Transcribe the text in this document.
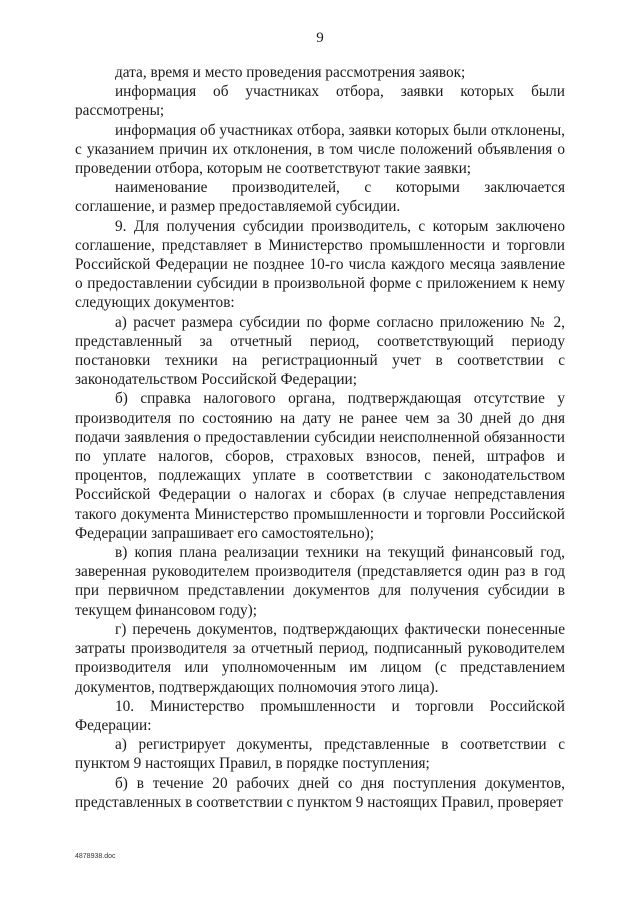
9

дата, время и место проведения рассмотрения заявок;

информация об участниках отбора, заявки которых были рассмотрены;

информация об участниках отбора, заявки которых были отклонены, с указанием причин их отклонения, в том числе положений объявления о проведении отбора, которым не соответствуют такие заявки;

наименование производителей, с которыми заключается соглашение, и размер предоставляемой субсидии.

9. Для получения субсидии производитель, с которым заключено соглашение, представляет в Министерство промышленности и торговли Российской Федерации не позднее 10-го числа каждого месяца заявление о предоставлении субсидии в произвольной форме с приложением к нему следующих документов:

а) расчет размера субсидии по форме согласно приложению № 2, представленный за отчетный период, соответствующий периоду постановки техники на регистрационный учет в соответствии с законодательством Российской Федерации;

б) справка налогового органа, подтверждающая отсутствие у производителя по состоянию на дату не ранее чем за 30 дней до дня подачи заявления о предоставлении субсидии неисполненной обязанности по уплате налогов, сборов, страховых взносов, пеней, штрафов и процентов, подлежащих уплате в соответствии с законодательством Российской Федерации о налогах и сборах (в случае непредставления такого документа Министерство промышленности и торговли Российской Федерации запрашивает его самостоятельно);

в) копия плана реализации техники на текущий финансовый год, заверенная руководителем производителя (представляется один раз в год при первичном представлении документов для получения субсидии в текущем финансовом году);

г) перечень документов, подтверждающих фактически понесенные затраты производителя за отчетный период, подписанный руководителем производителя или уполномоченным им лицом (с представлением документов, подтверждающих полномочия этого лица).

10. Министерство промышленности и торговли Российской Федерации:

а) регистрирует документы, представленные в соответствии с пунктом 9 настоящих Правил, в порядке поступления;

б) в течение 20 рабочих дней со дня поступления документов, представленных в соответствии с пунктом 9 настоящих Правил, проверяет

4878938.doc
